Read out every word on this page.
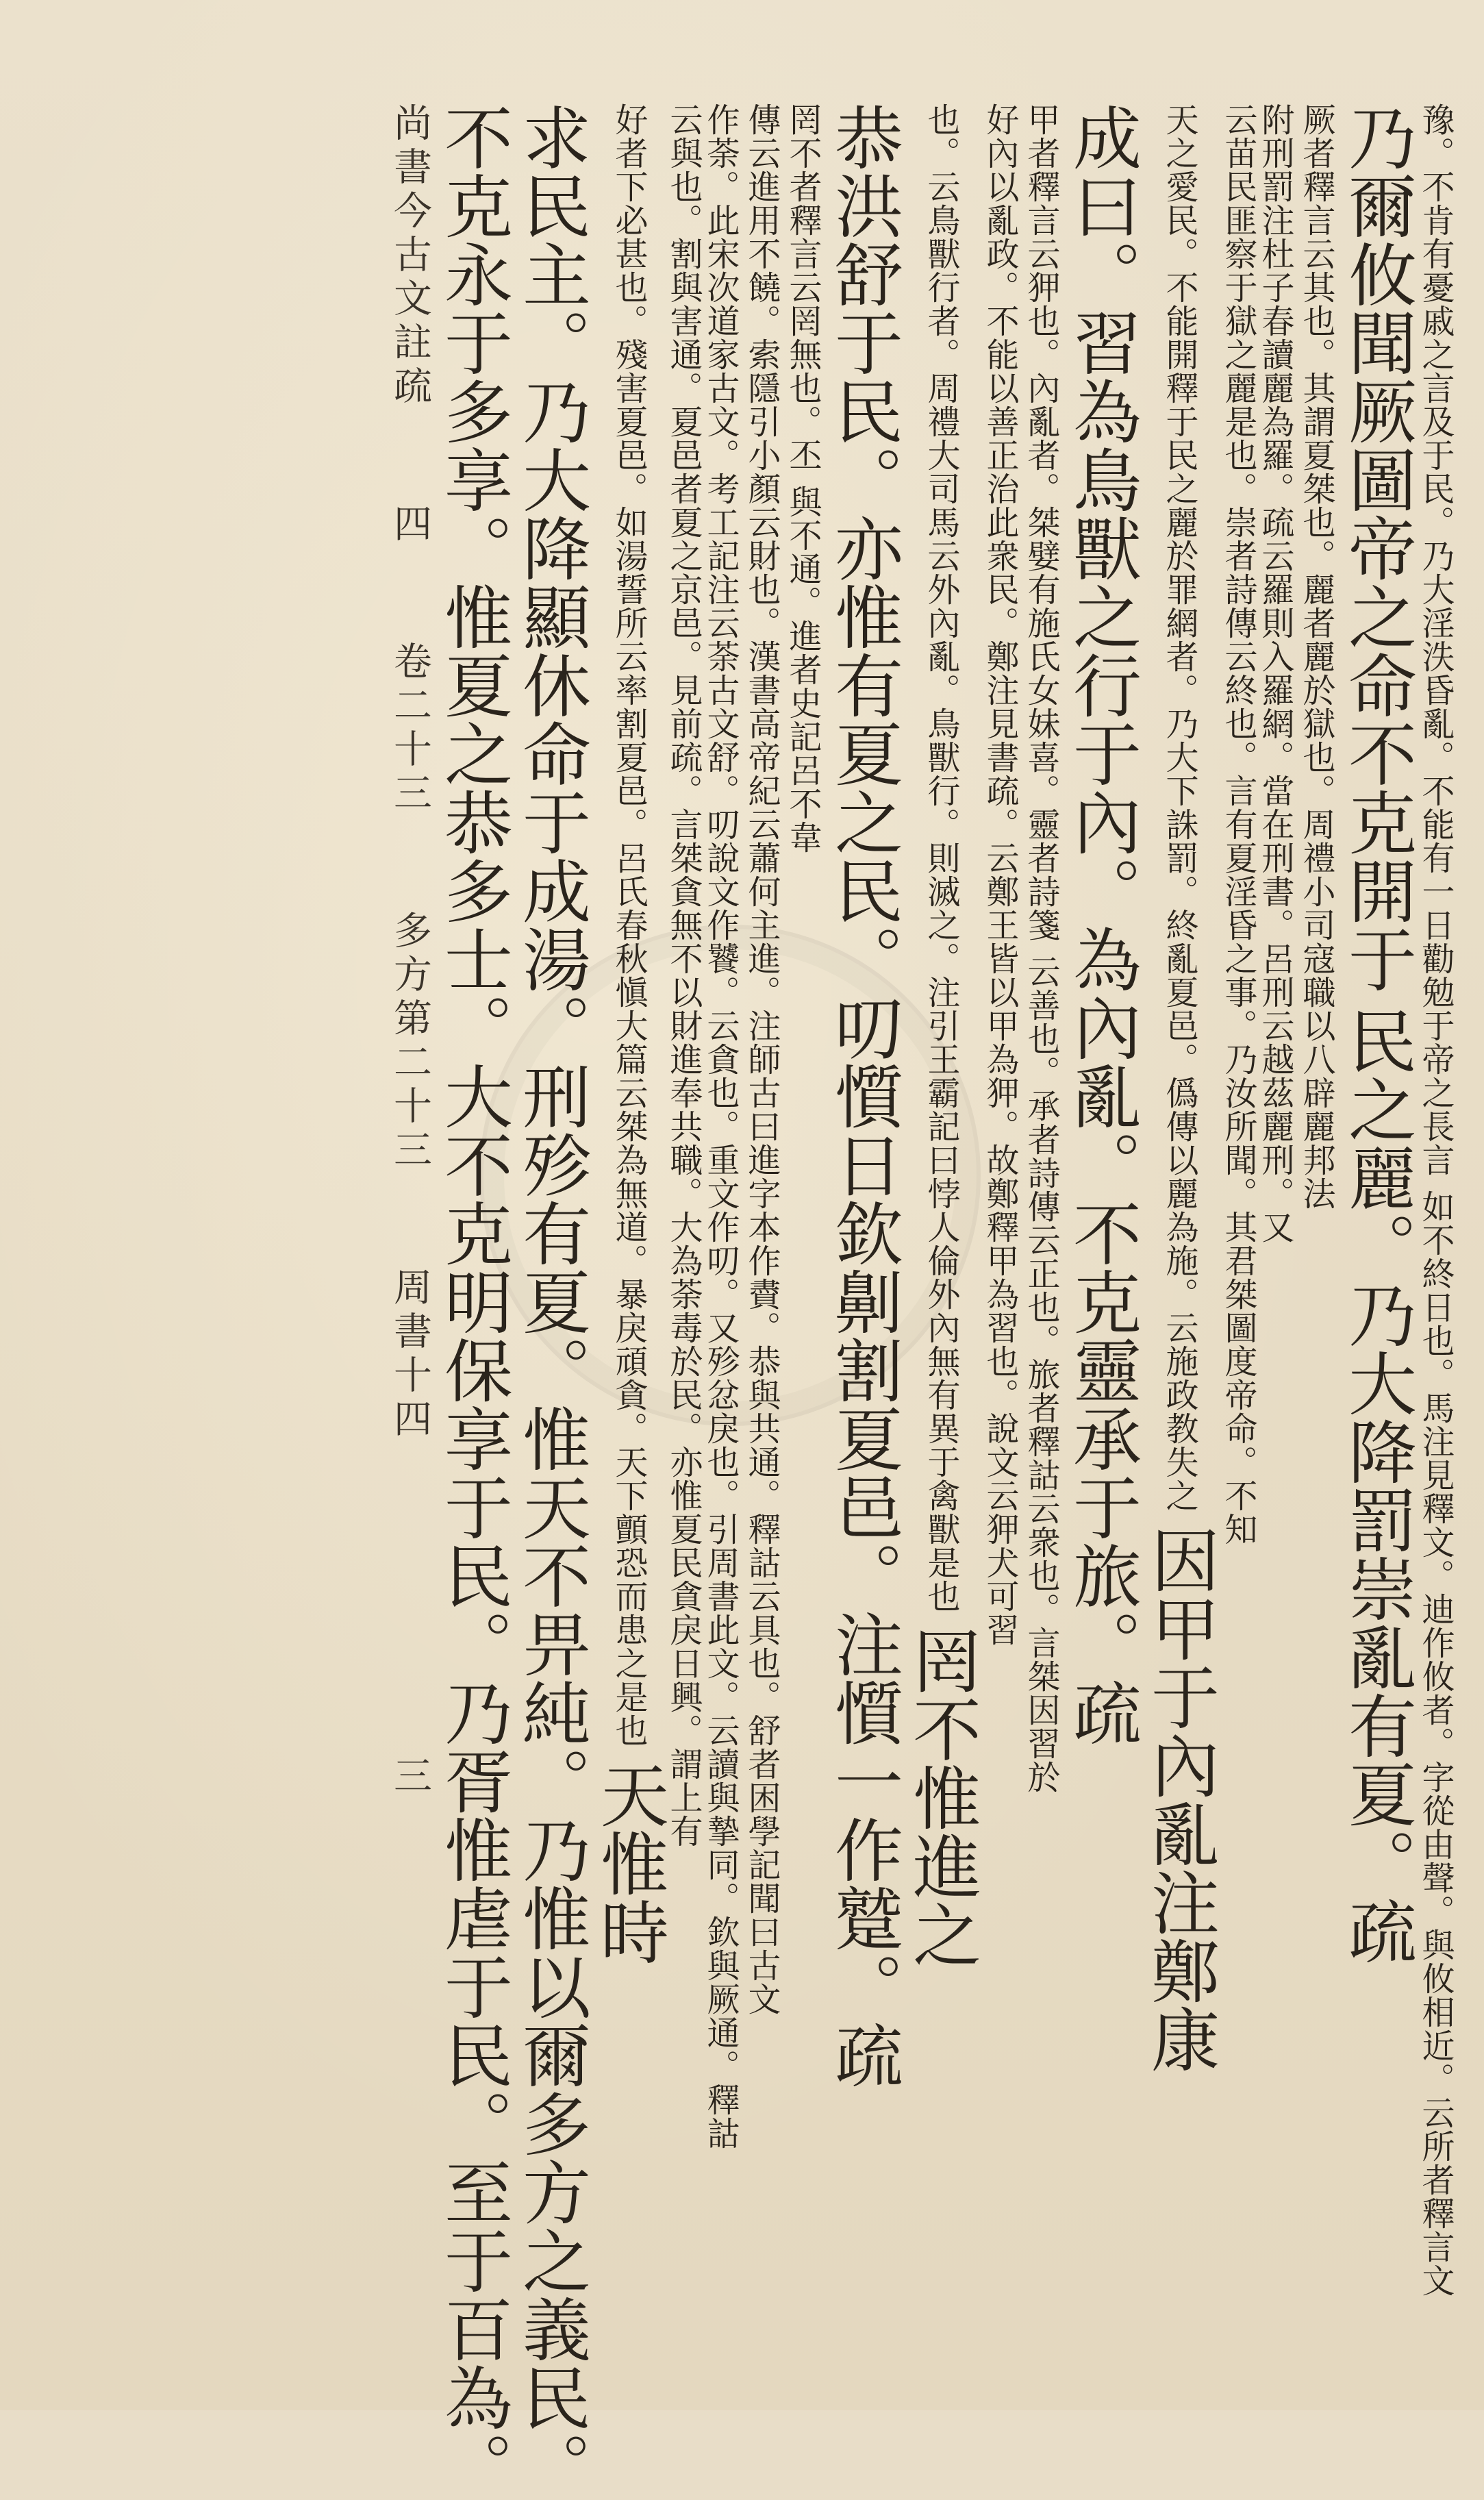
豫。不肯有憂戚之言及于民。乃大淫泆昏亂。不能有一日勸勉于帝之長言 如不終日也。馬注見釋文。迪作攸者。字從由聲。與攸相近。云所者釋言文 乃爾攸聞厥圖帝之命不克開于 民之麗。乃大降罰崇亂有夏。疏 厥者釋言云其也。其謂夏桀也。麗者麗於獄也。周禮小司寇職以八辟麗邦法 附刑罰注杜子春讀麗為羅。疏云羅則入羅網。當在刑書。呂刑云越茲麗刑。又 云苗民匪察于獄之麗是也。崇者詩傳云終也。言有夏淫昏之事。乃汝所聞。其君桀圖度帝命。不知 天之愛民。不能開釋于民之麗於罪網者。乃大下誅罰。終亂夏邑。僞傳以麗為施。云施政教失之 因甲于內亂注鄭康 成曰。習為鳥獸之行于內。為內亂。不克靈承于旅。疏 甲者釋言云狎也。內亂者。桀嬖有施氏女妹喜。靈者詩箋 云善也。承者詩傳云正也。旅者釋詁云衆也。言桀因習於 好內以亂政。不能以善正治此衆民。鄭注見書疏。云鄭王皆以甲為狎。故鄭釋甲為習也。說文云狎犬可習 也。云鳥獸行者。周禮大司馬云外內亂。鳥獸行。則滅之。注引王霸記曰悖人倫外內無有異于禽獸是也 罔不惟進之 恭洪舒于民。亦惟有夏之民。叨懫日欽劓割夏邑。注懫一作蹵。疏 罔不者釋言云罔無也。丕 與不通。進者史記呂不韋 傳云進用不饒。索隱引小顏云財也。漢書高帝紀云蕭何主進。注師古曰進字本作賮。恭與共通。釋詁云具也。舒者困學記聞曰古文 作荼。此宋次道家古文。考工記注云荼古文舒。叨說文作饕。云貪也。重文作叨。又殄忿戾也。引周書此文。云讀與摯同。欽與厥通。釋詁 云與也。割與害通。夏邑者夏之京邑。見前疏。言桀貪無不以財進奉共職。大為荼毒於民。亦惟夏民貪戾日興。謂上有 好者下必甚也。殘害夏邑。如湯誓所云率割夏邑。呂氏春秋愼大篇云桀為無道。暴戾頑貪。天下顫恐而患之是也 天惟時 求民主。乃大降顯休命于成湯。刑殄有夏。惟天不畀純。乃惟以爾多方之義民。 不克永于多享。惟夏之恭多士。大不克明保享于民。乃胥惟虐于民。至于百為。 尚書今古文註疏　 四　 卷二十三　 多方第二十三　 周書十四　　　　　　 三
